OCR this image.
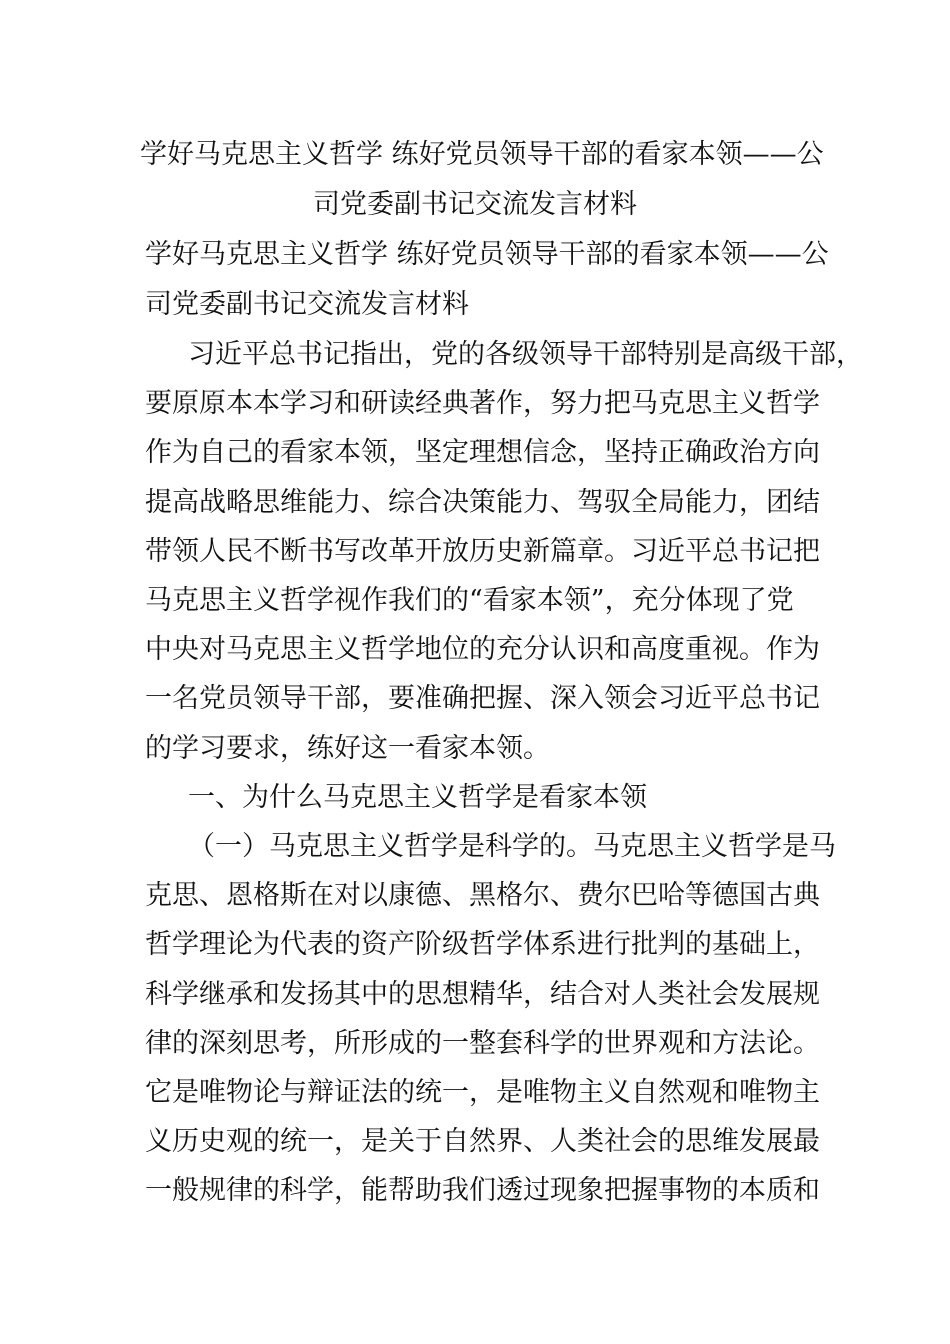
学好马克思主义哲学 练好党员领导干部的看家本领——公
司党委副书记交流发言材料
学好马克思主义哲学 练好党员领导干部的看家本领——公
司党委副书记交流发言材料
习近平总书记指出，党的各级领导干部特别是高级干部，
要原原本本学习和研读经典著作，努力把马克思主义哲学
作为自己的看家本领，坚定理想信念，坚持正确政治方向
提高战略思维能力、综合决策能力、驾驭全局能力，团结
带领人民不断书写改革开放历史新篇章。习近平总书记把
马克思主义哲学视作我们的“看家本领”，充分体现了党
中央对马克思主义哲学地位的充分认识和高度重视。作为
一名党员领导干部，要准确把握、深入领会习近平总书记
的学习要求，练好这一看家本领。
一、为什么马克思主义哲学是看家本领
（一）马克思主义哲学是科学的。马克思主义哲学是马
克思、恩格斯在对以康德、黑格尔、费尔巴哈等德国古典
哲学理论为代表的资产阶级哲学体系进行批判的基础上，
科学继承和发扬其中的思想精华，结合对人类社会发展规
律的深刻思考，所形成的一整套科学的世界观和方法论。
它是唯物论与辩证法的统一，是唯物主义自然观和唯物主
义历史观的统一，是关于自然界、人类社会的思维发展最
一般规律的科学，能帮助我们透过现象把握事物的本质和
